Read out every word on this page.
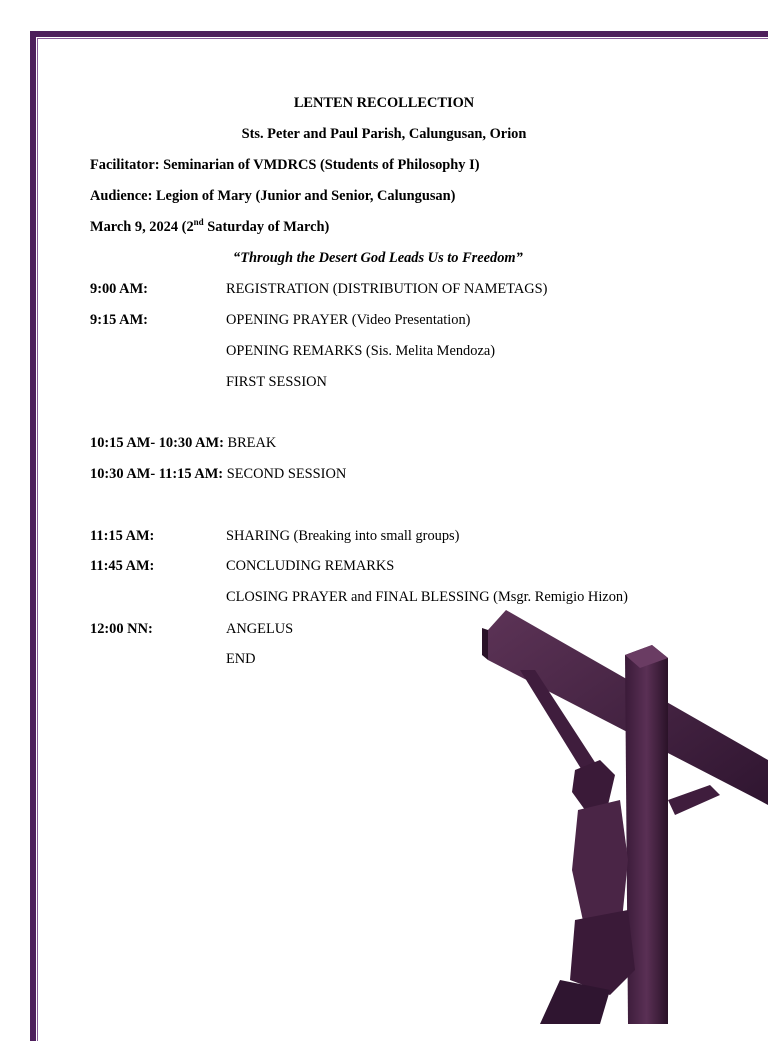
LENTEN RECOLLECTION
Sts. Peter and Paul Parish, Calungusan, Orion
Facilitator: Seminarian of VMDRCS (Students of Philosophy I)
Audience: Legion of Mary (Junior and Senior, Calungusan)
March 9, 2024 (2nd Saturday of March)
“Through the Desert God Leads Us to Freedom”
9:00 AM:	REGISTRATION (DISTRIBUTION OF NAMETAGS)
9:15 AM:	OPENING PRAYER (Video Presentation)
OPENING REMARKS (Sis. Melita Mendoza)
FIRST SESSION
10:15 AM- 10:30 AM: BREAK
10:30 AM- 11:15 AM: SECOND SESSION
11:15 AM:	SHARING (Breaking into small groups)
11:45 AM:	CONCLUDING REMARKS
CLOSING PRAYER and FINAL BLESSING (Msgr. Remigio Hizon)
12:00 NN:	ANGELUS
END
